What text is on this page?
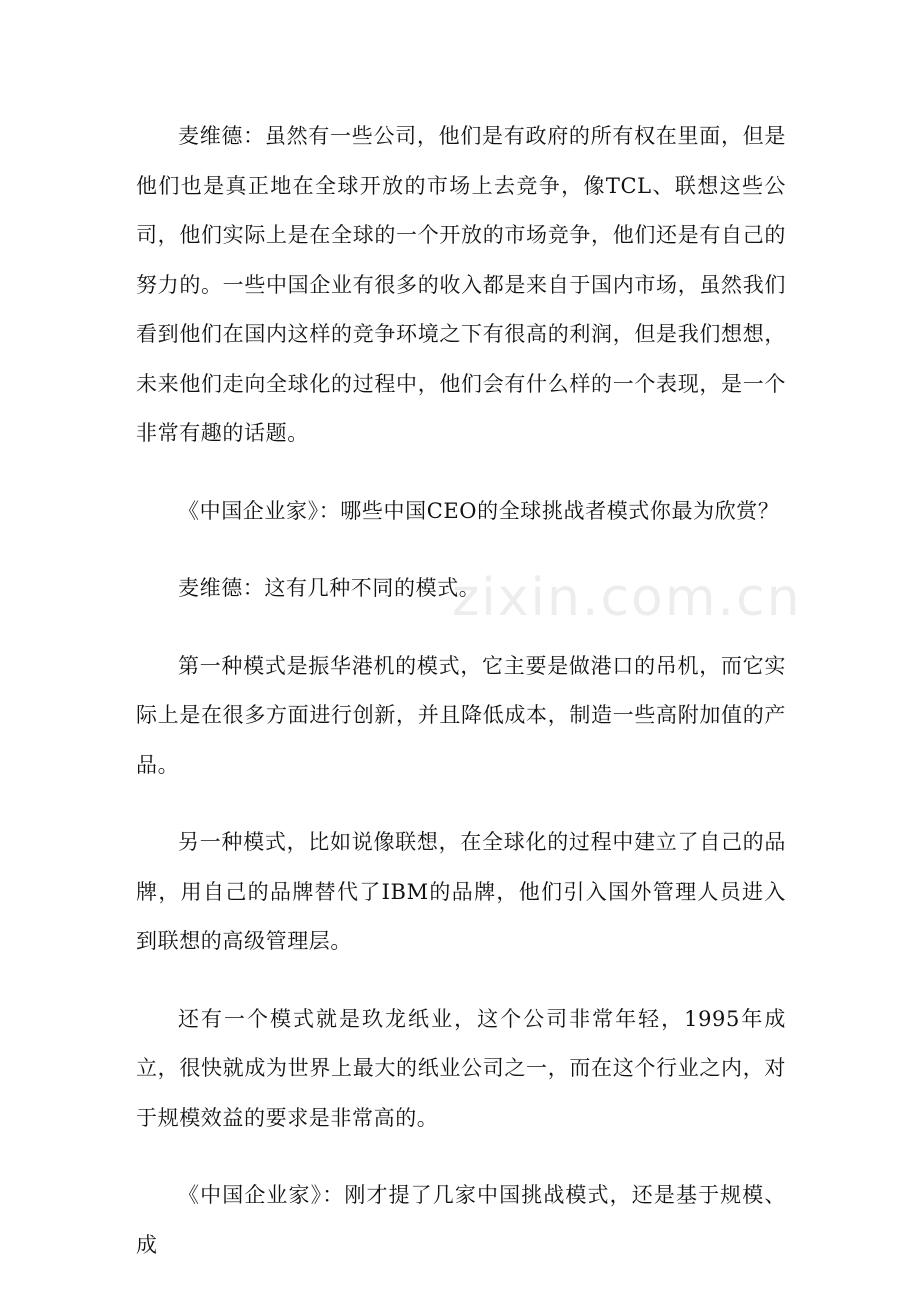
麦维德：虽然有一些公司，他们是有政府的所有权在里面，但是他们也是真正地在全球开放的市场上去竞争，像TCL、联想这些公司，他们实际上是在全球的一个开放的市场竞争，他们还是有自己的努力的。一些中国企业有很多的收入都是来自于国内市场，虽然我们看到他们在国内这样的竞争环境之下有很高的利润，但是我们想想，未来他们走向全球化的过程中，他们会有什么样的一个表现，是一个非常有趣的话题。

《中国企业家》：哪些中国CEO的全球挑战者模式你最为欣赏？

麦维德：这有几种不同的模式。

第一种模式是振华港机的模式，它主要是做港口的吊机，而它实际上是在很多方面进行创新，并且降低成本，制造一些高附加值的产品。

另一种模式，比如说像联想，在全球化的过程中建立了自己的品牌，用自己的品牌替代了IBM的品牌，他们引入国外管理人员进入到联想的高级管理层。

还有一个模式就是玖龙纸业，这个公司非常年轻，1995年成立，很快就成为世界上最大的纸业公司之一，而在这个行业之内，对于规模效益的要求是非常高的。

《中国企业家》：刚才提了几家中国挑战模式，还是基于规模、成

zixin.com.cn
